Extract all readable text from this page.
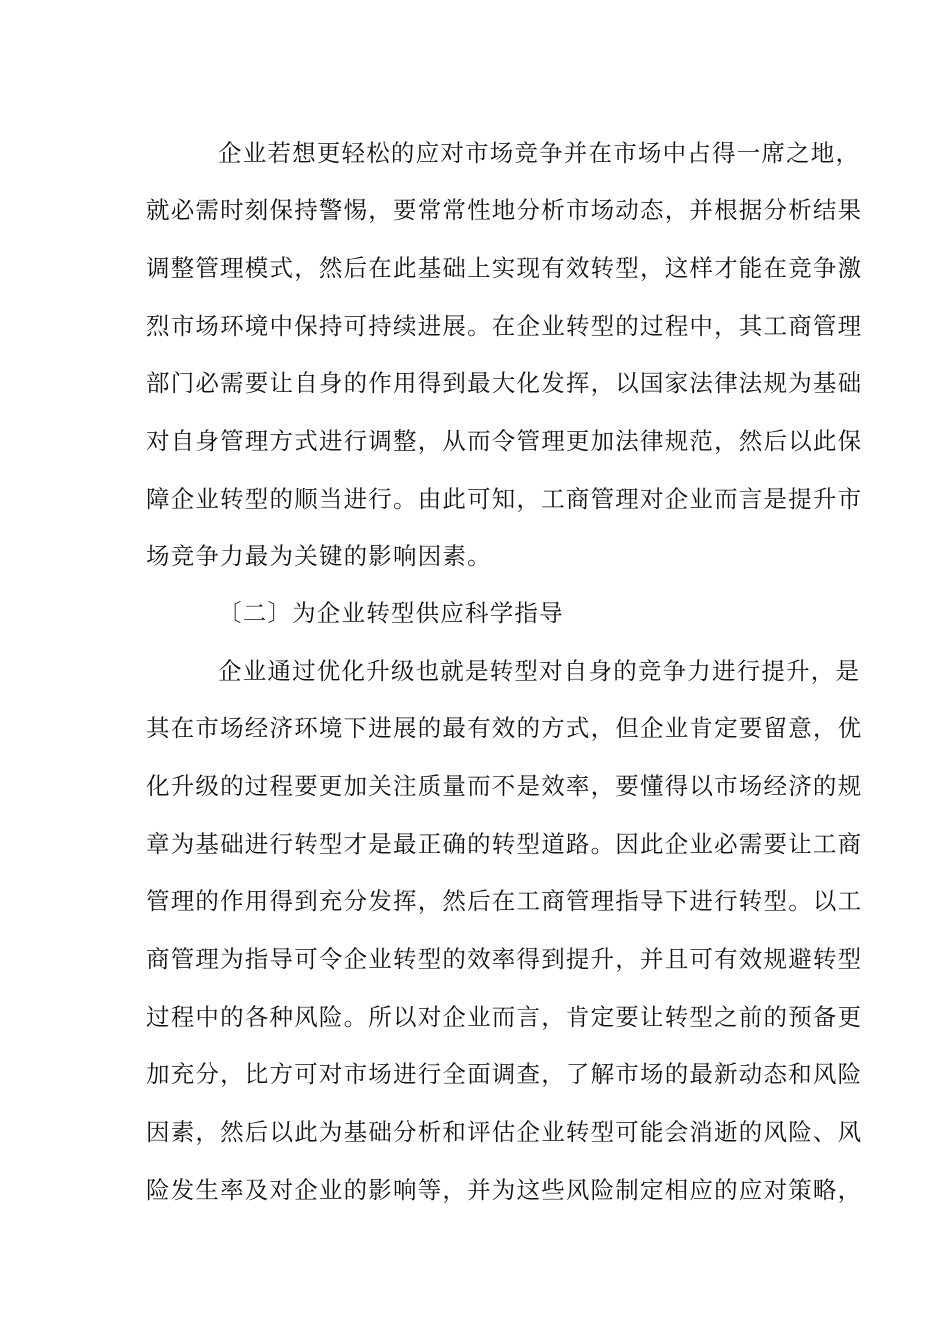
企业若想更轻松的应对市场竞争并在市场中占得一席之地，
就必需时刻保持警惕，要常常性地分析市场动态，并根据分析结果
调整管理模式，然后在此基础上实现有效转型，这样才能在竞争激
烈市场环境中保持可持续进展。在企业转型的过程中，其工商管理
部门必需要让自身的作用得到最大化发挥，以国家法律法规为基础
对自身管理方式进行调整，从而令管理更加法律规范，然后以此保
障企业转型的顺当进行。由此可知，工商管理对企业而言是提升市
场竞争力最为关键的影响因素。
〔二〕为企业转型供应科学指导
企业通过优化升级也就是转型对自身的竞争力进行提升，是
其在市场经济环境下进展的最有效的方式，但企业肯定要留意，优
化升级的过程要更加关注质量而不是效率，要懂得以市场经济的规
章为基础进行转型才是最正确的转型道路。因此企业必需要让工商
管理的作用得到充分发挥，然后在工商管理指导下进行转型。以工
商管理为指导可令企业转型的效率得到提升，并且可有效规避转型
过程中的各种风险。所以对企业而言，肯定要让转型之前的预备更
加充分，比方可对市场进行全面调查，了解市场的最新动态和风险
因素，然后以此为基础分析和评估企业转型可能会消逝的风险、风
险发生率及对企业的影响等，并为这些风险制定相应的应对策略，
